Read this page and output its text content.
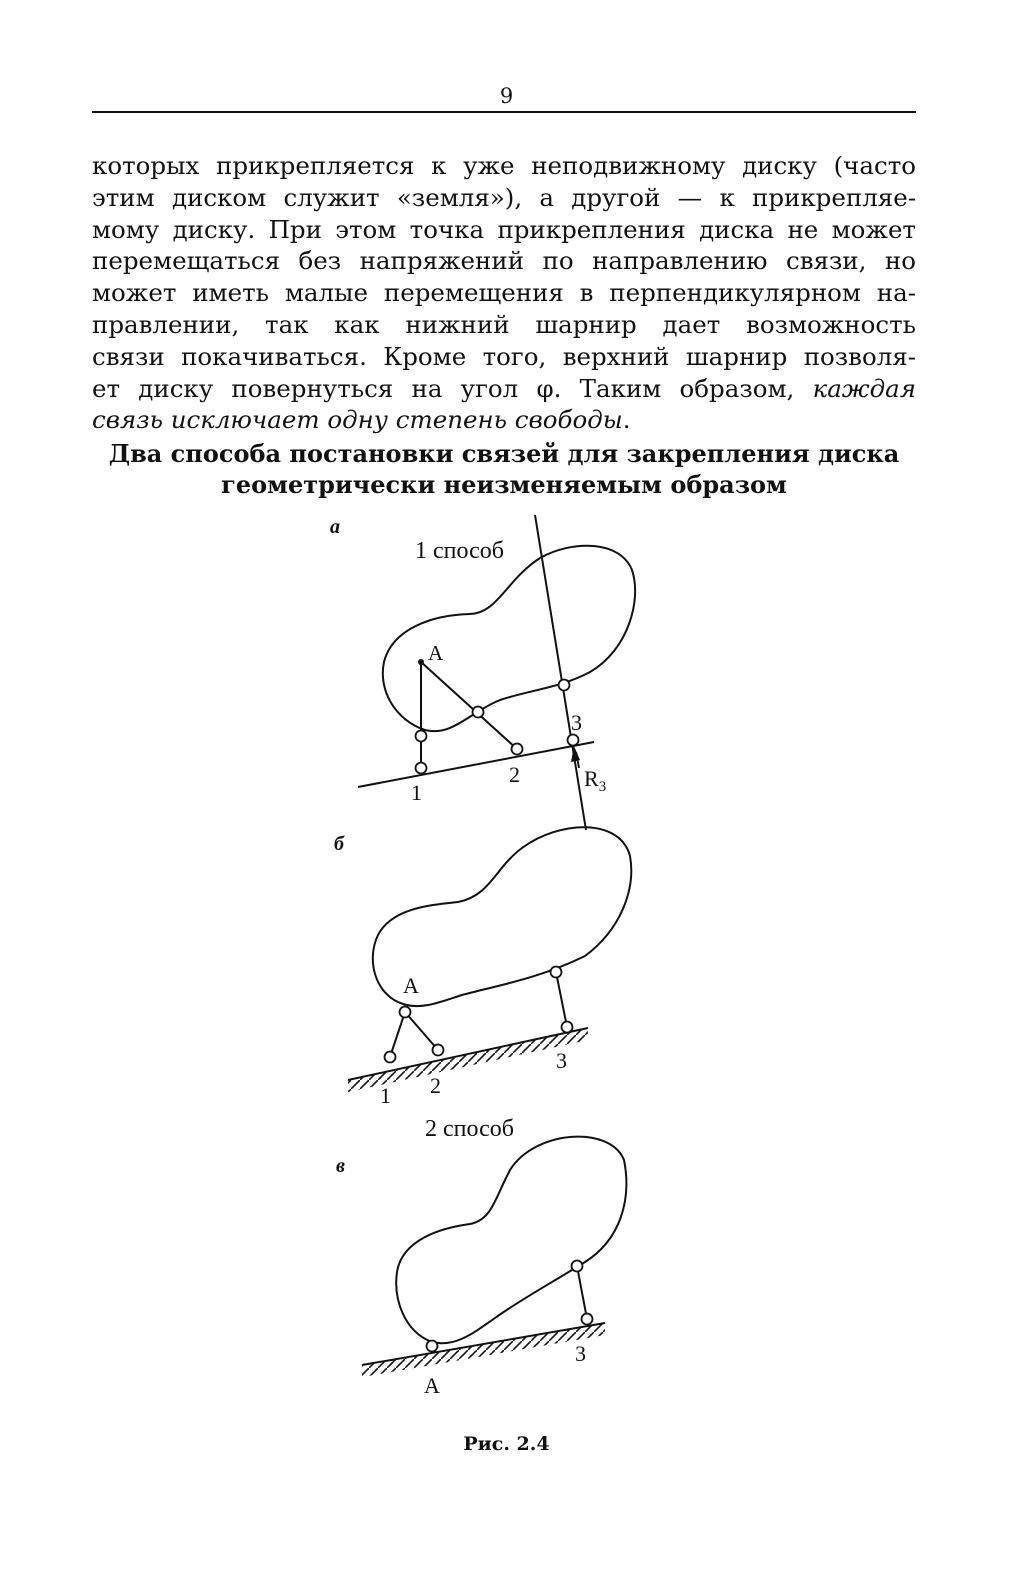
9
которых прикрепляется к уже неподвижному диску (часто
этим диском служит «земля»), а другой — к прикрепляе-
мому диску. При этом точка прикрепления диска не может
перемещаться без напряжений по направлению связи, но
может иметь малые перемещения в перпендикулярном на-
правлении, так как нижний шарнир дает возможность
связи покачиваться. Кроме того, верхний шарнир позволя-
ет диску повернуться на угол φ. Таким образом, каждая
связь исключает одну степень свободы.
Два способа постановки связей для закрепления диска
геометрически неизменяемым образом
а
1 способ
A
1
2
3
$R_3$
б
A
1 2
3
2 способ
в
A
3
Рис. 2.4
